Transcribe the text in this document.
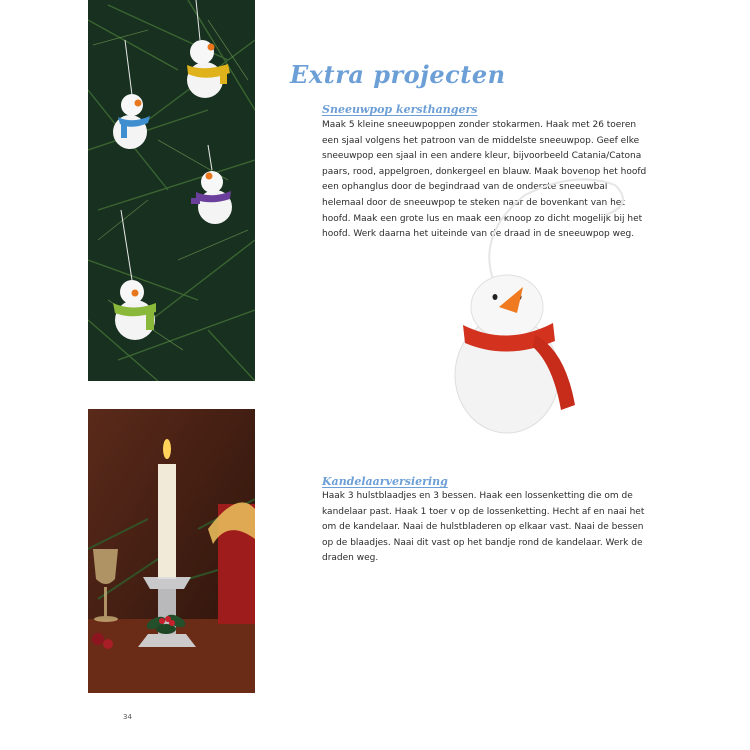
Extra projecten
Sneeuwpop kersthangers

Maak 5 kleine sneeuwpoppen zonder stokarmen. Haak met 26 toeren een sjaal volgens het patroon van de middelste sneeuwpop. Geef elke sneeuwpop een sjaal in een andere kleur, bijvoorbeeld Catania/Catona paars, rood, appelgroen, donkergeel en blauw. Maak bovenop het hoofd een ophanglus door de begindraad van de onderste sneeuwbal helemaal door de sneeuwpop te steken naar de bovenkant van het hoofd. Maak een grote lus en maak een knoop zo dicht mogelijk bij het hoofd. Werk daarna het uiteinde van de draad in de sneeuwpop weg.

Kandelaarversiering

Haak 3 hulstblaadjes en 3 bessen. Haak een lossenketting die om de kandelaar past. Haak 1 toer v op de lossenketting. Hecht af en naai het om de kandelaar. Naai de hulstbladeren op elkaar vast. Naai de bessen op de blaadjes. Naai dit vast op het bandje rond de kandelaar. Werk de draden weg.

34
